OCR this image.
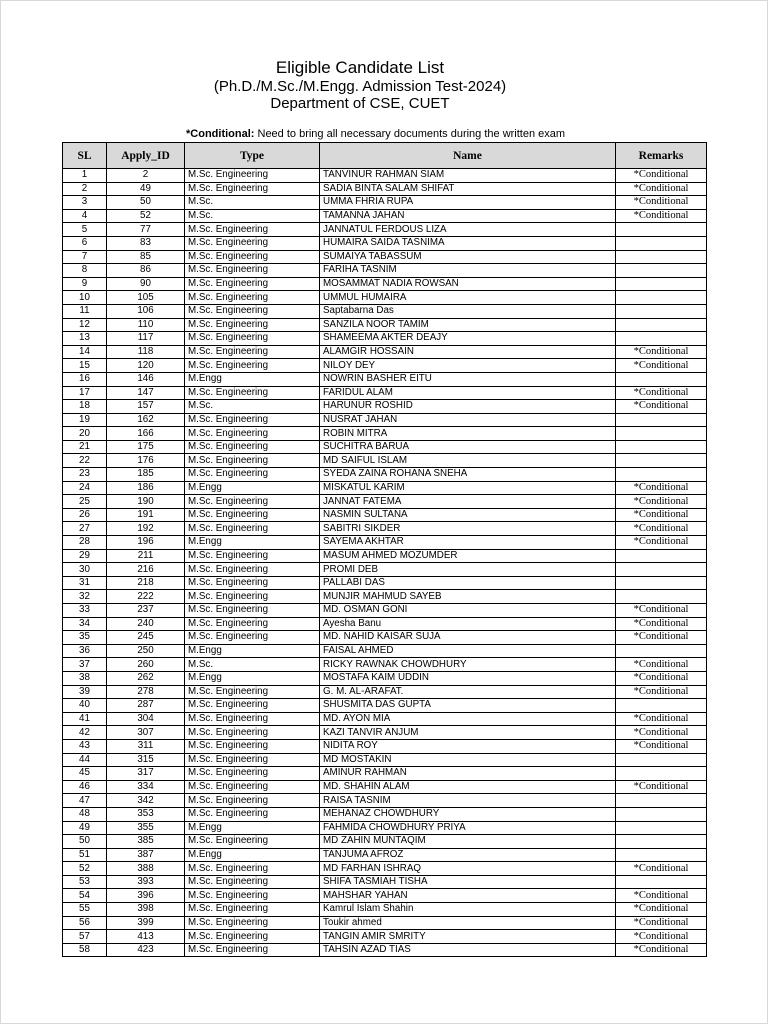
Eligible Candidate List
(Ph.D./M.Sc./M.Engg. Admission Test-2024)
Department of CSE, CUET
*Conditional: Need to bring all necessary documents during the written exam
SL	Apply_ID	Type	Name	Remarks
1	2	M.Sc. Engineering	TANVINUR RAHMAN SIAM	*Conditional
2	49	M.Sc. Engineering	SADIA BINTA SALAM SHIFAT	*Conditional
3	50	M.Sc.	UMMA FHRIA RUPA	*Conditional
4	52	M.Sc.	TAMANNA JAHAN	*Conditional
5	77	M.Sc. Engineering	JANNATUL FERDOUS LIZA	
6	83	M.Sc. Engineering	HUMAIRA SAIDA TASNIMA	
7	85	M.Sc. Engineering	SUMAIYA TABASSUM	
8	86	M.Sc. Engineering	FARIHA TASNIM	
9	90	M.Sc. Engineering	MOSAMMAT NADIA ROWSAN	
10	105	M.Sc. Engineering	UMMUL HUMAIRA	
11	106	M.Sc. Engineering	Saptabarna Das	
12	110	M.Sc. Engineering	SANZILA NOOR TAMIM	
13	117	M.Sc. Engineering	SHAMEEMA AKTER DEAJY	
14	118	M.Sc. Engineering	ALAMGIR HOSSAIN	*Conditional
15	120	M.Sc. Engineering	NILOY DEY	*Conditional
16	146	M.Engg	NOWRIN BASHER EITU	
17	147	M.Sc. Engineering	FARIDUL ALAM	*Conditional
18	157	M.Sc.	HARUNUR ROSHID	*Conditional
19	162	M.Sc. Engineering	NUSRAT JAHAN	
20	166	M.Sc. Engineering	ROBIN MITRA	
21	175	M.Sc. Engineering	SUCHITRA BARUA	
22	176	M.Sc. Engineering	MD SAIFUL ISLAM	
23	185	M.Sc. Engineering	SYEDA ZAINA ROHANA SNEHA	
24	186	M.Engg	MISKATUL KARIM	*Conditional
25	190	M.Sc. Engineering	JANNAT FATEMA	*Conditional
26	191	M.Sc. Engineering	NASMIN SULTANA	*Conditional
27	192	M.Sc. Engineering	SABITRI SIKDER	*Conditional
28	196	M.Engg	SAYEMA AKHTAR	*Conditional
29	211	M.Sc. Engineering	MASUM AHMED MOZUMDER	
30	216	M.Sc. Engineering	PROMI DEB	
31	218	M.Sc. Engineering	PALLABI DAS	
32	222	M.Sc. Engineering	MUNJIR MAHMUD SAYEB	
33	237	M.Sc. Engineering	MD. OSMAN GONI	*Conditional
34	240	M.Sc. Engineering	Ayesha Banu	*Conditional
35	245	M.Sc. Engineering	MD. NAHID KAISAR SUJA	*Conditional
36	250	M.Engg	FAISAL AHMED	
37	260	M.Sc.	RICKY RAWNAK CHOWDHURY	*Conditional
38	262	M.Engg	MOSTAFA KAIM UDDIN	*Conditional
39	278	M.Sc. Engineering	G. M. AL-ARAFAT.	*Conditional
40	287	M.Sc. Engineering	SHUSMITA DAS GUPTA	
41	304	M.Sc. Engineering	MD. AYON MIA	*Conditional
42	307	M.Sc. Engineering	KAZI TANVIR ANJUM	*Conditional
43	311	M.Sc. Engineering	NIDITA ROY	*Conditional
44	315	M.Sc. Engineering	MD MOSTAKIN	
45	317	M.Sc. Engineering	AMINUR RAHMAN	
46	334	M.Sc. Engineering	MD. SHAHIN ALAM	*Conditional
47	342	M.Sc. Engineering	RAISA TASNIM	
48	353	M.Sc. Engineering	MEHANAZ CHOWDHURY	
49	355	M.Engg	FAHMIDA CHOWDHURY PRIYA	
50	385	M.Sc. Engineering	MD ZAHIN MUNTAQIM	
51	387	M.Engg	TANJUMA AFROZ	
52	388	M.Sc. Engineering	MD FARHAN ISHRAQ	*Conditional
53	393	M.Sc. Engineering	SHIFA TASMIAH TISHA	
54	396	M.Sc. Engineering	MAHSHAR YAHAN	*Conditional
55	398	M.Sc. Engineering	Kamrul Islam Shahin	*Conditional
56	399	M.Sc. Engineering	Toukir ahmed	*Conditional
57	413	M.Sc. Engineering	TANGIN AMIR SMRITY	*Conditional
58	423	M.Sc. Engineering	TAHSIN AZAD TIAS	*Conditional
